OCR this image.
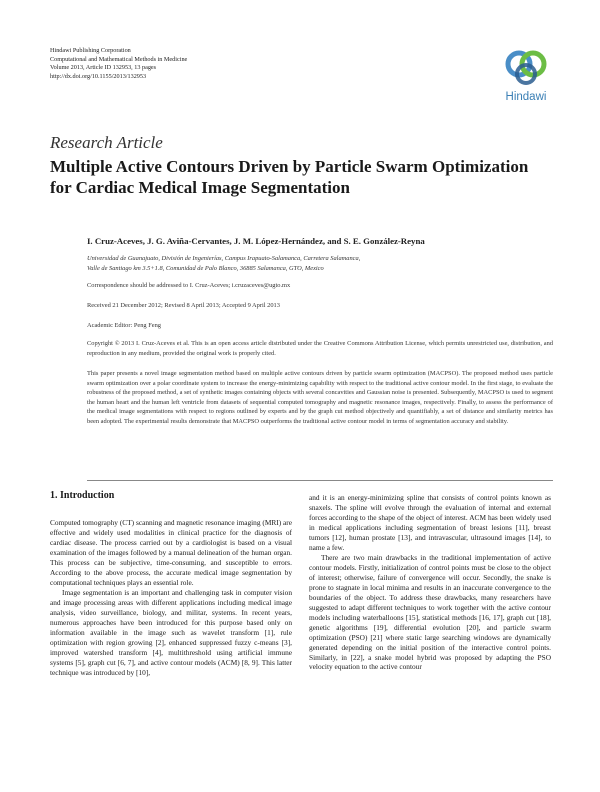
Hindawi Publishing Corporation
Computational and Mathematical Methods in Medicine
Volume 2013, Article ID 132953, 13 pages
http://dx.doi.org/10.1155/2013/132953
Hindawi
Research Article
Multiple Active Contours Driven by Particle Swarm Optimization for Cardiac Medical Image Segmentation
I. Cruz-Aceves, J. G. Aviña-Cervantes, J. M. López-Hernández, and S. E. González-Reyna
Universidad de Guanajuato, División de Ingenierías, Campus Irapuato-Salamanca, Carretera Salamanca,
Valle de Santiago km 3.5+1.8, Comunidad de Palo Blanco, 36885 Salamanca, GTO, Mexico
Correspondence should be addressed to I. Cruz-Aceves; i.cruzaceves@ugto.mx
Received 21 December 2012; Revised 8 April 2013; Accepted 9 April 2013
Academic Editor: Peng Feng
Copyright © 2013 I. Cruz-Aceves et al. This is an open access article distributed under the Creative Commons Attribution License, which permits unrestricted use, distribution, and reproduction in any medium, provided the original work is properly cited.
This paper presents a novel image segmentation method based on multiple active contours driven by particle swarm optimization (MACPSO). The proposed method uses particle swarm optimization over a polar coordinate system to increase the energy-minimizing capability with respect to the traditional active contour model. In the first stage, to evaluate the robustness of the proposed method, a set of synthetic images containing objects with several concavities and Gaussian noise is presented. Subsequently, MACPSO is used to segment the human heart and the human left ventricle from datasets of sequential computed tomography and magnetic resonance images, respectively. Finally, to assess the performance of the medical image segmentations with respect to regions outlined by experts and by the graph cut method objectively and quantifiably, a set of distance and similarity metrics has been adopted. The experimental results demonstrate that MACPSO outperforms the traditional active contour model in terms of segmentation accuracy and stability.
1. Introduction

Computed tomography (CT) scanning and magnetic resonance imaging (MRI) are effective and widely used modalities in clinical practice for the diagnosis of cardiac disease. The process carried out by a cardiologist is based on a visual examination of the images followed by a manual delineation of the human organ. This process can be subjective, time-consuming, and susceptible to errors. According to the above process, the accurate medical image segmentation by computational techniques plays an essential role.

Image segmentation is an important and challenging task in computer vision and image processing areas with different applications including medical image analysis, video surveillance, biology, and militar, systems. In recent years, numerous approaches have been introduced for this purpose based only on information available in the image such as wavelet transform [1], rule optimization with region growing [2], enhanced suppressed fuzzy c-means [3], improved watershed transform [4], multithreshold using artificial immune systems [5], graph cut [6, 7], and active contour models (ACM) [8, 9]. This latter technique was introduced by [10],

and it is an energy-minimizing spline that consists of control points known as snaxels. The spline will evolve through the evaluation of internal and external forces according to the shape of the object of interest. ACM has been widely used in medical applications including segmentation of breast lesions [11], breast tumors [12], human prostate [13], and intravascular, ultrasound images [14], to name a few.

There are two main drawbacks in the traditional implementation of active contour models. Firstly, initialization of control points must be close to the object of interest; otherwise, failure of convergence will occur. Secondly, the snake is prone to stagnate in local minima and results in an inaccurate convergence to the boundaries of the object. To address these drawbacks, many researchers have suggested to adapt different techniques to work together with the active contour models including waterballoons [15], statistical methods [16, 17], graph cut [18], genetic algorithms [19], differential evolution [20], and particle swarm optimization (PSO) [21] where static large searching windows are dynamically generated depending on the initial position of the interactive control points. Similarly, in [22], a snake model hybrid was proposed by adapting the PSO velocity equation to the active contour
